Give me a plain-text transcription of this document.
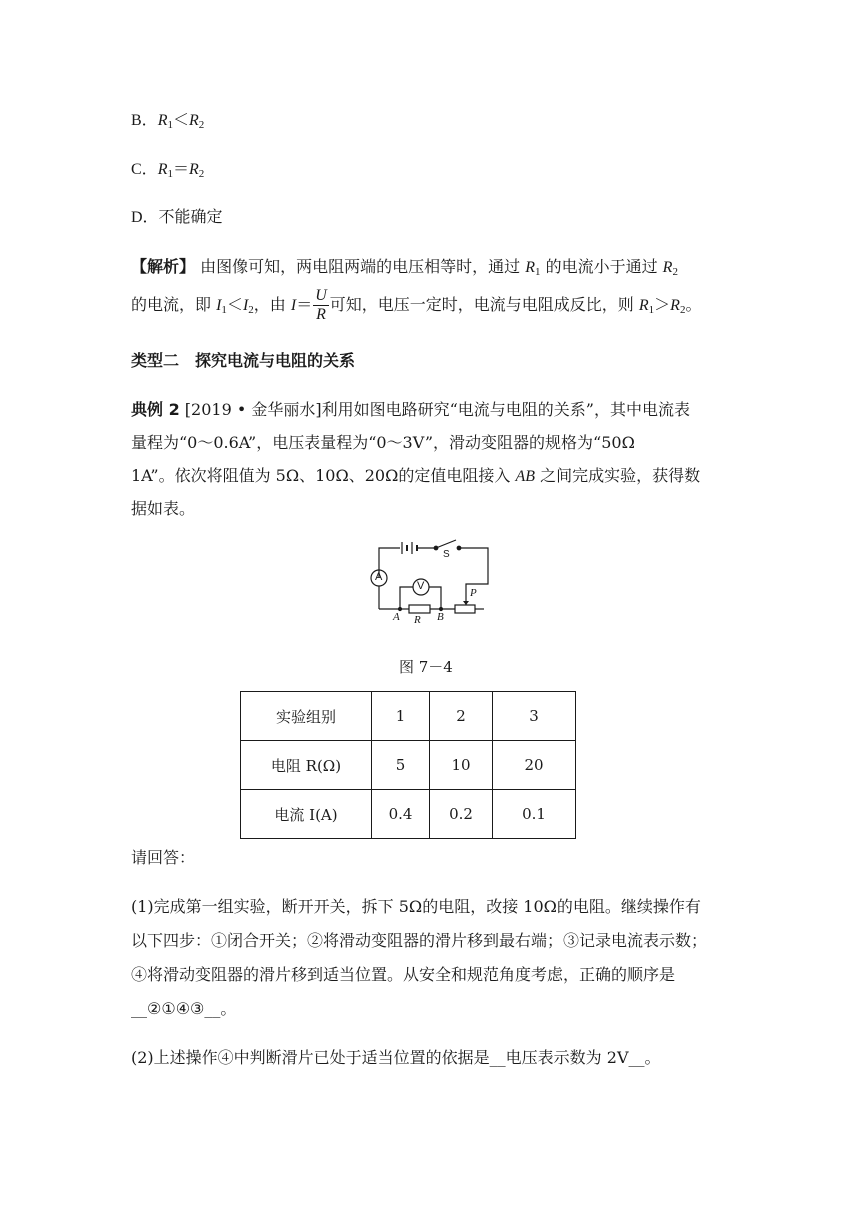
B．$R_1<R_2$
C．$R_1=R_2$
D．不能确定
【解析】 由图像可知，两电阻两端的电压相等时，通过 $R_1$ 的电流小于通过 $R_2$
的电流，即 $I_1<I_2$，由 $I= \frac{U}{R}$ 可知，电压一定时，电流与电阻成反比，则 $R_1>R_2$。
类型二　探究电流与电阻的关系
典例 2 [2019 • 金华丽水]利用如图电路研究“电流与电阻的关系”，其中电流表
量程为“0～0.6A”，电压表量程为“0～3V”，滑动变阻器的规格为“50Ω
1A”。依次将阻值为 5Ω、10Ω、20Ω的定值电阻接入 AB 之间完成实验，获得数
据如表。
A
V
S
P
A R B
图 7－4
实验组别	1	2	3
电阻 R(Ω)	5	10	20
电流 I(A)	0.4	0.2	0.1
请回答：
(1)完成第一组实验，断开开关，拆下 5Ω的电阻，改接 10Ω的电阻。继续操作有
以下四步：①闭合开关；②将滑动变阻器的滑片移到最右端；③记录电流表示数；
④将滑动变阻器的滑片移到适当位置。从安全和规范角度考虑，正确的顺序是
__②①④③__。
(2)上述操作④中判断滑片已处于适当位置的依据是__电压表示数为 2V__。
